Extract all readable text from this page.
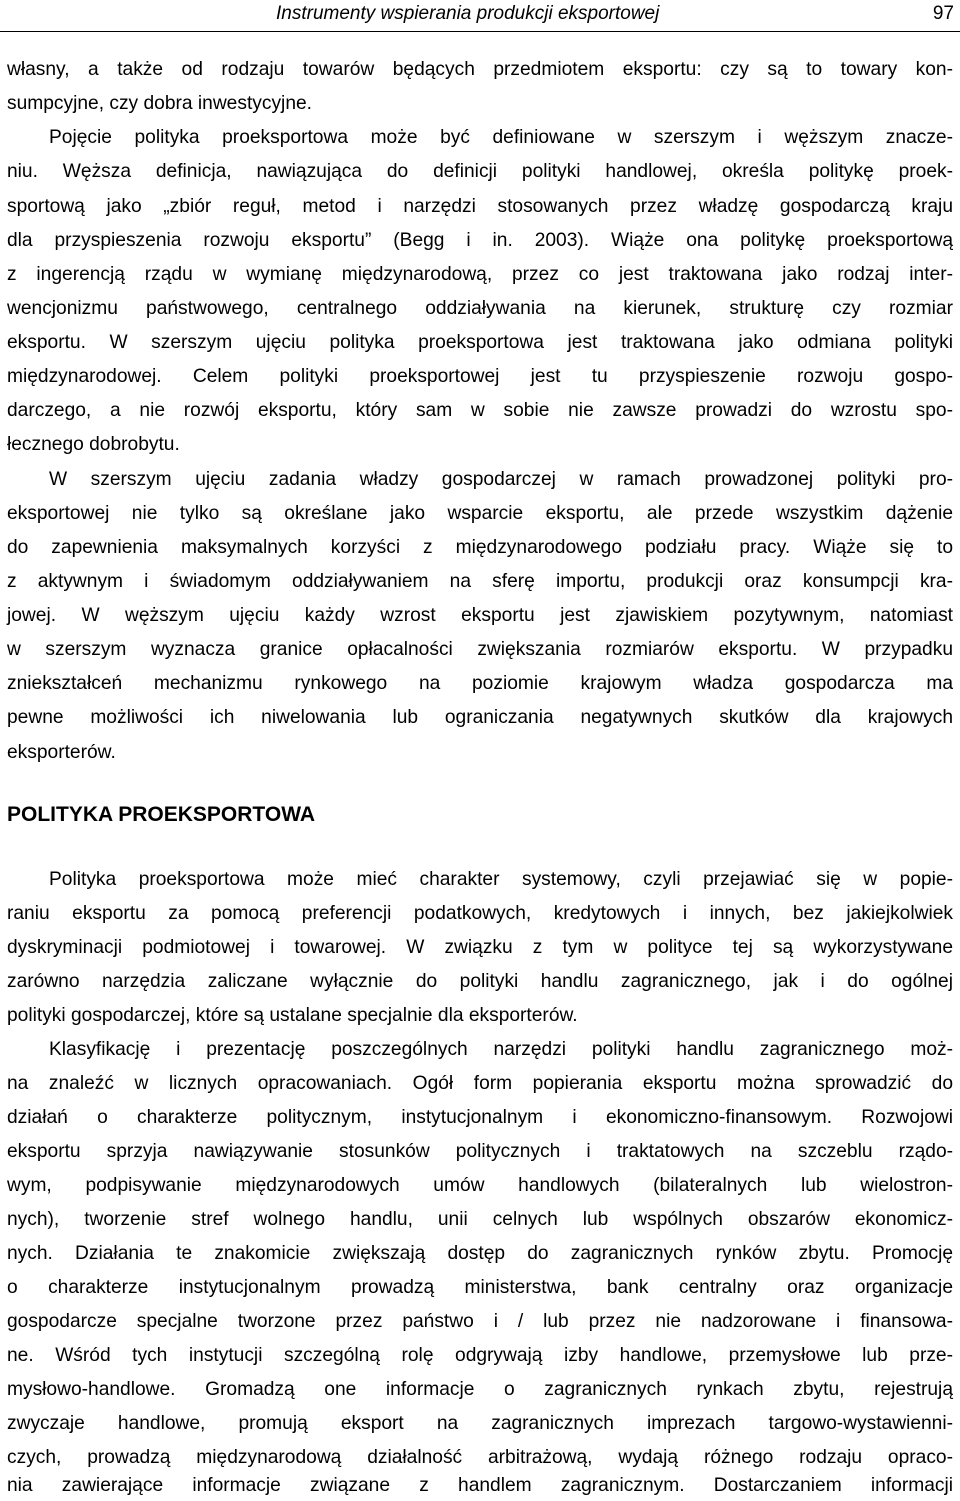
Instrumenty wspierania produkcji eksportowej	97
własny, a także od rodzaju towarów będących przedmiotem eksportu: czy są to towary kon-
sumpcyjne, czy dobra inwestycyjne.
Pojęcie polityka proeksportowa może być definiowane w szerszym i węższym znacze-
niu. Węższa definicja, nawiązująca do definicji polityki handlowej, określa politykę proek-
sportową jako „zbiór reguł, metod i narzędzi stosowanych przez władzę gospodarczą kraju
dla przyspieszenia rozwoju eksportu” (Begg i in. 2003). Wiąże ona politykę proeksportową
z ingerencją rządu w wymianę międzynarodową, przez co jest traktowana jako rodzaj inter-
wencjonizmu państwowego, centralnego oddziaływania na kierunek, strukturę czy rozmiar
eksportu. W szerszym ujęciu polityka proeksportowa jest traktowana jako odmiana polityki
międzynarodowej. Celem polityki proeksportowej jest tu przyspieszenie rozwoju gospo-
darczego, a nie rozwój eksportu, który sam w sobie nie zawsze prowadzi do wzrostu spo-
łecznego dobrobytu.
W szerszym ujęciu zadania władzy gospodarczej w ramach prowadzonej polityki pro-
eksportowej nie tylko są określane jako wsparcie eksportu, ale przede wszystkim dążenie
do zapewnienia maksymalnych korzyści z międzynarodowego podziału pracy. Wiąże się to
z aktywnym i świadomym oddziaływaniem na sferę importu, produkcji oraz konsumpcji kra-
jowej. W węższym ujęciu każdy wzrost eksportu jest zjawiskiem pozytywnym, natomiast
w szerszym wyznacza granice opłacalności zwiększania rozmiarów eksportu. W przypadku
zniekształceń mechanizmu rynkowego na poziomie krajowym władza gospodarcza ma
pewne możliwości ich niwelowania lub ograniczania negatywnych skutków dla krajowych
eksporterów.
POLITYKA PROEKSPORTOWA
Polityka proeksportowa może mieć charakter systemowy, czyli przejawiać się w popie-
raniu eksportu za pomocą preferencji podatkowych, kredytowych i innych, bez jakiejkolwiek
dyskryminacji podmiotowej i towarowej. W związku z tym w polityce tej są wykorzystywane
zarówno narzędzia zaliczane wyłącznie do polityki handlu zagranicznego, jak i do ogólnej
polityki gospodarczej, które są ustalane specjalnie dla eksporterów.
Klasyfikację i prezentację poszczególnych narzędzi polityki handlu zagranicznego moż-
na znaleźć w licznych opracowaniach. Ogół form popierania eksportu można sprowadzić do
działań o charakterze politycznym, instytucjonalnym i ekonomiczno-finansowym. Rozwojowi
eksportu sprzyja nawiązywanie stosunków politycznych i traktatowych na szczeblu rządo-
wym, podpisywanie międzynarodowych umów handlowych (bilateralnych lub wielostron-
nych), tworzenie stref wolnego handlu, unii celnych lub wspólnych obszarów ekonomicz-
nych. Działania te znakomicie zwiększają dostęp do zagranicznych rynków zbytu. Promocję
o charakterze instytucjonalnym prowadzą ministerstwa, bank centralny oraz organizacje
gospodarcze specjalne tworzone przez państwo i / lub przez nie nadzorowane i finansowa-
ne. Wśród tych instytucji szczególną rolę odgrywają izby handlowe, przemysłowe lub prze-
mysłowo-handlowe. Gromadzą one informacje o zagranicznych rynkach zbytu, rejestrują
zwyczaje handlowe, promują eksport na zagranicznych imprezach targowo-wystawienni-
czych, prowadzą międzynarodową działalność arbitrażową, wydają różnego rodzaju opraco-
nia zawierające informacje związane z handlem zagranicznym. Dostarczaniem informacji
